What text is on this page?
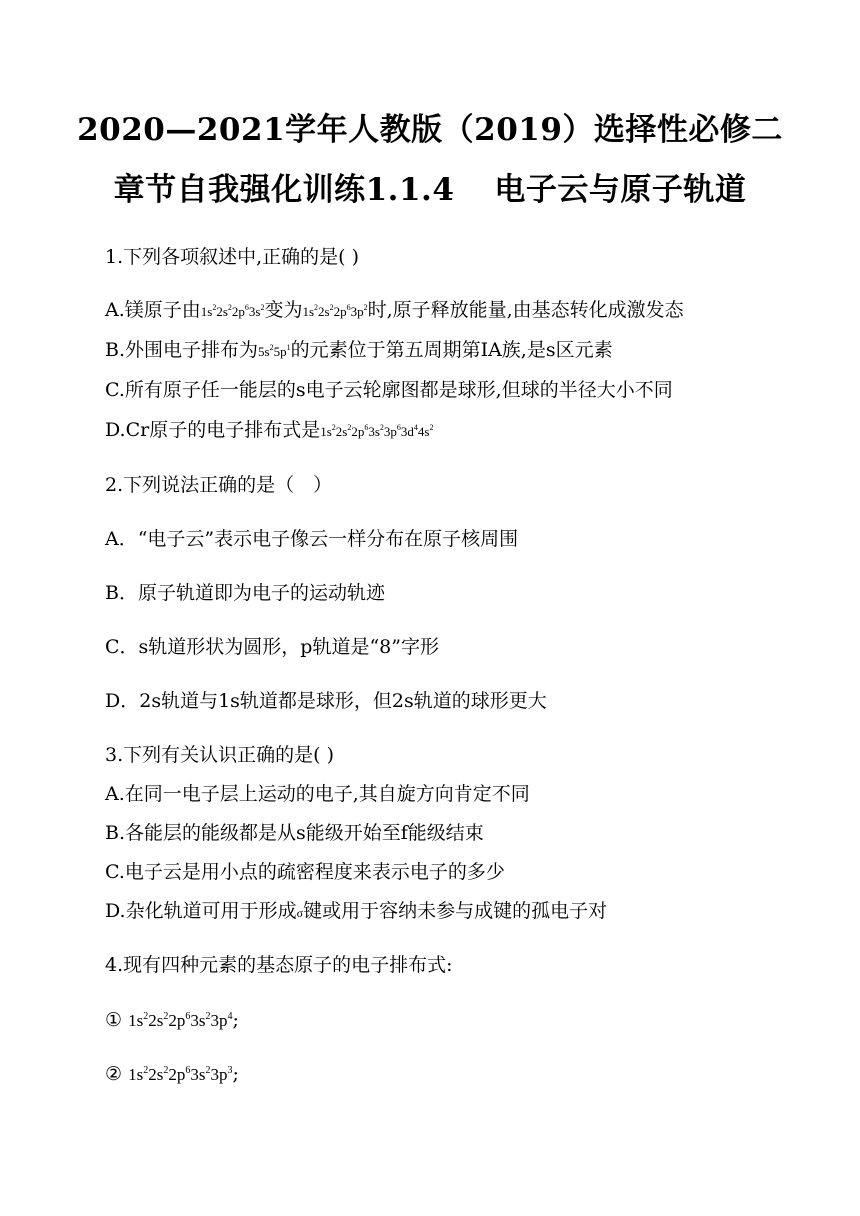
2020—2021学年人教版（2019）选择性必修二
章节自我强化训练1.1.4 电子云与原子轨道
1.下列各项叙述中,正确的是( )
A.镁原子由$1s^22s^22p^63s^2$变为$1s^22s^22p^63p^2$时,原子释放能量,由基态转化成激发态
B.外围电子排布为$5s^25p^1$的元素位于第五周期第IA族,是s区元素
C.所有原子任一能层的s电子云轮廓图都是球形,但球的半径大小不同
D.Cr原子的电子排布式是$1s^22s^22p^63s^23p^63d^44s^2$
2.下列说法正确的是（　）
A．“电子云”表示电子像云一样分布在原子核周围
B．原子轨道即为电子的运动轨迹
C．s轨道形状为圆形，p轨道是“8”字形
D．2s轨道与1s轨道都是球形，但2s轨道的球形更大
3.下列有关认识正确的是( )
A.在同一电子层上运动的电子,其自旋方向肯定不同
B.各能层的能级都是从s能级开始至f能级结束
C.电子云是用小点的疏密程度来表示电子的多少
D.杂化轨道可用于形成σ键或用于容纳未参与成键的孤电子对
4.现有四种元素的基态原子的电子排布式:
① $1s^22s^22p^63s^23p^4$;
② $1s^22s^22p^63s^23p^3$;
